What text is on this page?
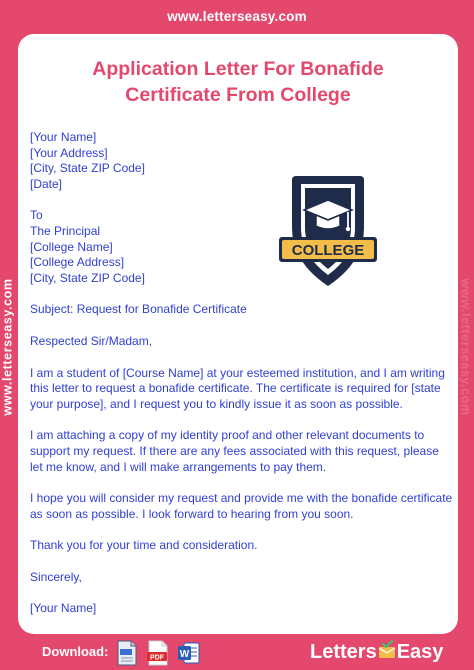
www.letterseasy.com
www.letterseasy.com	www.letterseasy.com
Application Letter For Bonafide
Certificate From College
COLLEGE
[Your Name]
[Your Address]
[City, State ZIP Code]
[Date]
To
The Principal
[College Name]
[College Address]
[City, State ZIP Code]
Subject: Request for Bonafide Certificate
Respected Sir/Madam,
I am a student of [Course Name] at your esteemed institution, and I am writing
this letter to request a bonafide certificate. The certificate is required for [state
your purpose], and I request you to kindly issue it as soon as possible.
I am attaching a copy of my identity proof and other relevant documents to
support my request. If there are any fees associated with this request, please
let me know, and I will make arrangements to pay them.
I hope you will consider my request and provide me with the bonafide certificate
as soon as possible. I look forward to hearing from you soon.
Thank you for your time and consideration.
Sincerely,
[Your Name]
Download:	PDF W	Letters Easy
